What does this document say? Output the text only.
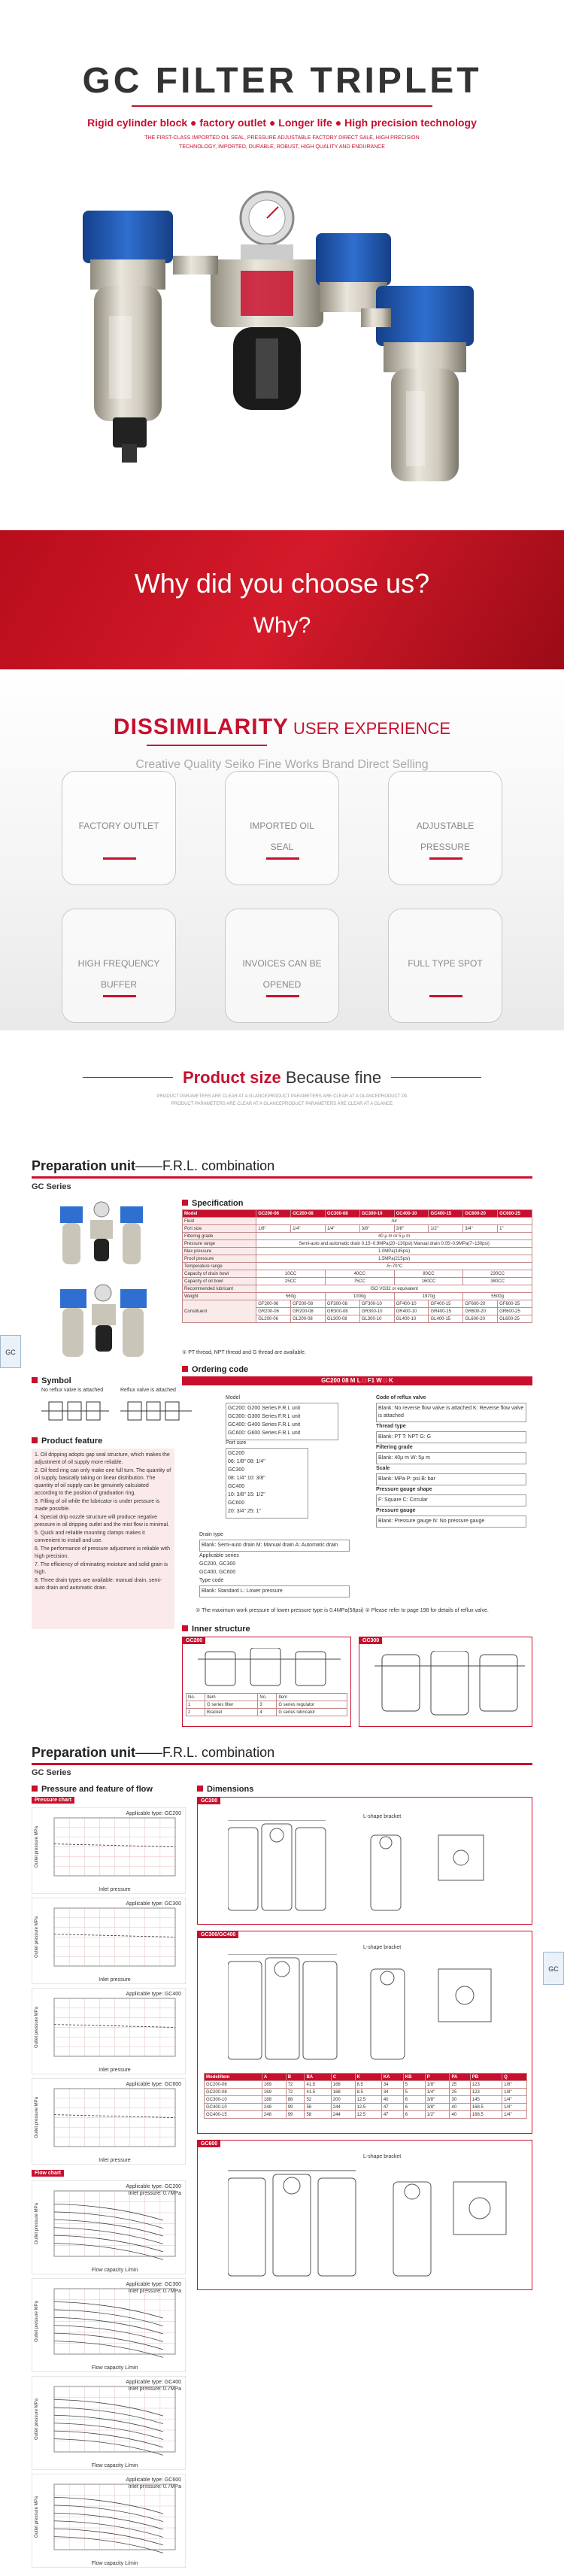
GC FILTER TRIPLET
Rigid cylinder block ● factory outlet ● Longer life ● High precision technology
THE FIRST-CLASS IMPORTED OIL SEAL, PRESSURE ADJUSTABLE FACTORY DIRECT SALE, HIGH PRECISION
TECHNOLOGY, IMPORTED, DURABLE, ROBUST, HIGH QUALITY AND ENDURANCE
Why did you choose us?
Why?
DISSIMILARITY USER EXPERIENCE
Creative Quality Seiko Fine Works Brand Direct Selling
FACTORY OUTLET	IMPORTED OIL
SEAL
ADJUSTABLE
PRESSURE
HIGH FREQUENCY
BUFFER
INVOICES CAN BE
OPENED
FULL TYPE SPOT

Product size Because fine
PRODUCT PARAMETERS ARE CLEAR AT A GLANCEPRODUCT PARAMETERS ARE CLEAR AT A GLANCEPRODUCT PA
PRODUCT PARAMETERS ARE CLEAR AT A GLANCEPRODUCT PARAMETERS ARE CLEAR AT A GLANCE
Preparation unit——F.R.L. combination
GC Series
GC
Specification
Model	GC200-06	GC200-08	GC300-08	GC300-10	GC400-10	GC400-15	GC600-20	GC600-25
Fluid	Air							
Port size	1/8"	1/4"	1/4"	3/8"	3/8"	1/2"	3/4"	1"
Filtering grade	40 μ m or 5 μ m							
Pressure range	Semi-auto and automatic drain 0.15~0.9MPa(20~130psi) Manual drain 0.05~0.9MPa(7~130psi)							
Max pressure	1.0MPa(145psi)							
Proof pressure	1.5MPa(215psi)							
Temperature range	-5~70°C							
Capacity of drain bowl	10CC		40CC		80CC		230CC	
Capacity of oil bowl	25CC		75CC		160CC		380CC	
Recommended lubricant	ISO VG32 or equivalent							
Weight	560g		1000g		1970g		5500g	
Constituent	GF200-06	GF200-08	GF300-08	GF300-10	GF400-10	GF400-15	GF600-20	GF600-25
	GR200-06	GR200-08	GR300-08	GR300-10	GR400-10	GR400-15	GR600-20	GR600-25
	GL200-06	GL200-08	GL300-08	GL300-10	GL400-10	GL400-15	GL600-20	GL600-25
① PT thread, NPT thread and G thread are available.
Symbol
No reflux valve is attached	Reflux valve is attached
Product feature
1. Oil dripping adopts gap seal structure, which makes the adjustment of oil supply more reliable.
2. Oil feed ring can only make one full turn. The quantity of oil supply, basically taking on linear distribution. The quantity of oil supply can be genuinely calculated according to the position of graduation ring.
3. Filling of oil while the lubricator is under pressure is made possible.
4. Special drip nozzle structure will produce negative pressure in oil dripping outlet and the mist flow is minimal.
5. Quick and reliable mounting clamps makes it convenient to install and use.
6. The performance of pressure adjustment is reliable with high precision.
7. The efficiency of eliminating moisture and solid grain is high.
8. Three drain types are available: manual drain, semi-auto drain and automatic drain.
Ordering code
GC200 08 M L □ F1 W □ K
Model
GC200: G200 Series F.R.L unit
GC300: G300 Series F.R.L unit
GC400: G400 Series F.R.L unit
GC600: G600 Series F.R.L unit
Port size
GC200
06: 1/8" 08: 1/4"
GC300
08: 1/4" 10: 3/8"
GC400
10: 3/8" 15: 1/2"
GC600
20: 3/4" 25: 1"
Drain type
Blank: Semi-auto drain M: Manual drain A: Automatic drain
Applicable series
GC200, GC300
GC400, GC600
Type code
Blank: Standard L: Lower pressure
Code of reflux valve
Blank: No reverse flow valve is attached K: Reverse flow valve is attached
Thread type
Blank: PT T: NPT G: G
Filtering grade
Blank: 40μ m W: 5μ m
Scale
Blank: MPa P: psi B: bar
Pressure gauge shape
F: Square C: Circular
Pressure gauge
Blank: Pressure gauge N: No pressure gauge
① The maximum work pressure of lower pressure type is 0.4MPa(58psi) ② Please refer to page 198 for details of reflux valve.
Inner structure
GC200
No.	Item	No.	Item
1	G series filter	3	G series regulator
2	Bracket	4	G series lubricator
GC300
Preparation unit——F.R.L. combination
GC Series
GC
Pressure and feature of flow
Pressure chart
Applicable type: GC200
Inlet pressure
Outlet pressure MPa
Applicable type: GC300
Inlet pressure
Outlet pressure MPa
Applicable type: GC400
Inlet pressure
Outlet pressure MPa
Applicable type: GC600
Inlet pressure
Outlet pressure MPa
Flow chart
Applicable type: GC200
Inlet pressure: 0.7MPa
Flow capacity L/min
Outlet pressure MPa
Applicable type: GC300
Inlet pressure: 0.7MPa
Flow capacity L/min
Outlet pressure MPa
Applicable type: GC400
Inlet pressure: 0.7MPa
Flow capacity L/min
Outlet pressure MPa
Applicable type: GC600
Inlet pressure: 0.7MPa
Flow capacity L/min
Outlet pressure MPa
Dimensions
GC200
L-shape bracket
GC300/GC400
L-shape bracket
Model/item	A	B	BA	C	K	KA	KB	P	PA	PB	Q
GC200-06	169	72	41.5	168	8.5	34	5	1/8"	25	123	1/8"
GC200-08	169	72	41.5	168	8.5	34	5	1/4"	25	123	1/8"
GC300-10	188	88	52	200	12.5	40	6	3/8"	30	145	1/4"
GC400-10	248	99	58	244	12.5	47	6	3/8"	40	168.5	1/4"
GC400-15	248	99	58	244	12.5	47	6	1/2"	40	168.5	1/4"
GC600
L-shape bracket
